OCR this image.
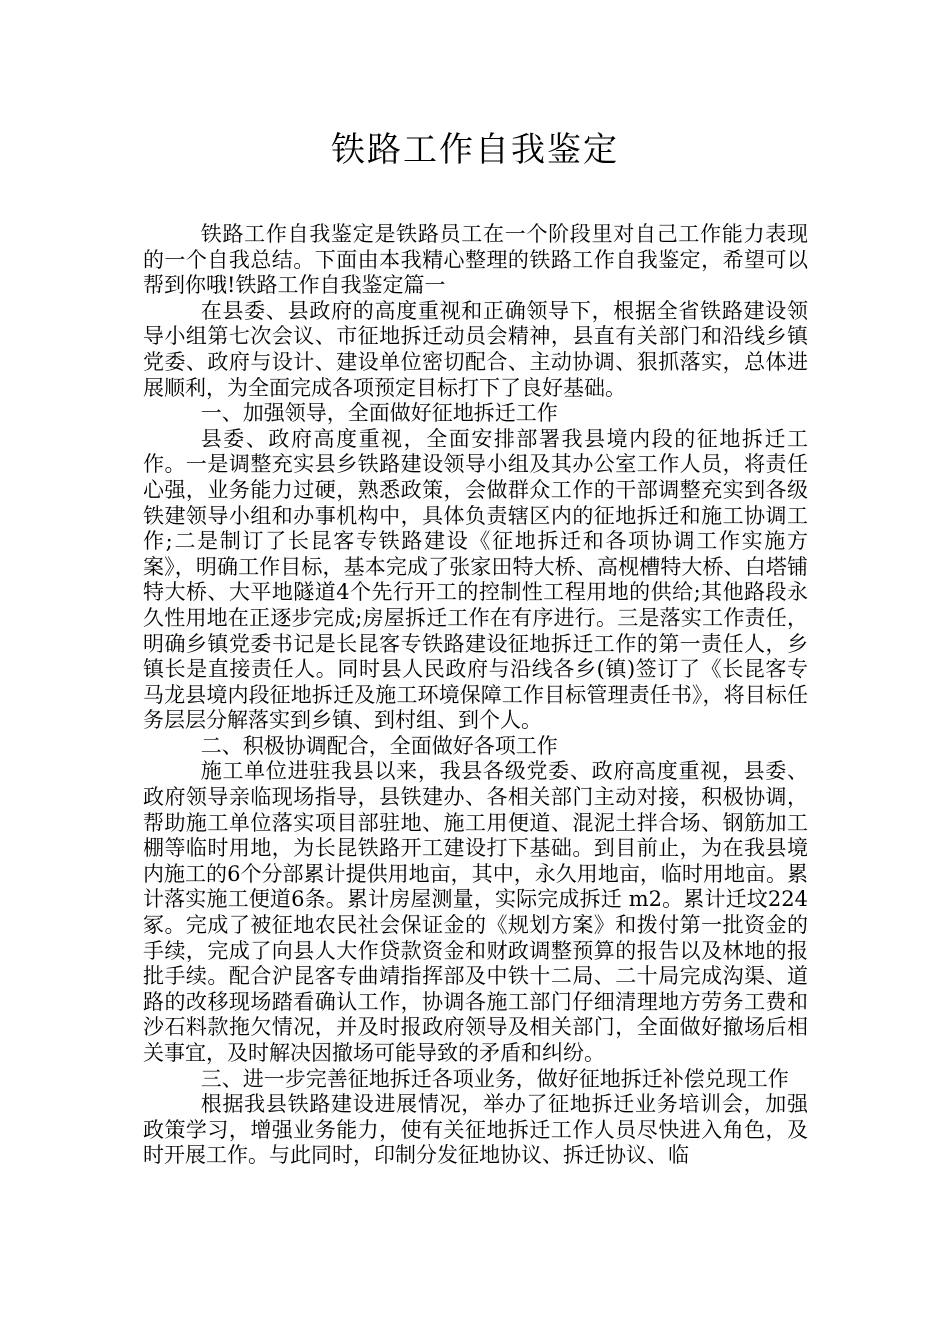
铁路工作自我鉴定

铁路工作自我鉴定是铁路员工在一个阶段里对自己工作能力表现的一个自我总结。下面由本我精心整理的铁路工作自我鉴定，希望可以帮到你哦!铁路工作自我鉴定篇一

在县委、县政府的高度重视和正确领导下，根据全省铁路建设领导小组第七次会议、市征地拆迁动员会精神，县直有关部门和沿线乡镇党委、政府与设计、建设单位密切配合、主动协调、狠抓落实，总体进展顺利，为全面完成各项预定目标打下了良好基础。

一、加强领导，全面做好征地拆迁工作

县委、政府高度重视，全面安排部署我县境内段的征地拆迁工作。一是调整充实县乡铁路建设领导小组及其办公室工作人员，将责任心强，业务能力过硬，熟悉政策，会做群众工作的干部调整充实到各级铁建领导小组和办事机构中，具体负责辖区内的征地拆迁和施工协调工作;二是制订了长昆客专铁路建设《征地拆迁和各项协调工作实施方案》，明确工作目标，基本完成了张家田特大桥、高枧槽特大桥、白塔铺特大桥、大平地隧道4个先行开工的控制性工程用地的供给;其他路段永久性用地在正逐步完成;房屋拆迁工作在有序进行。三是落实工作责任，明确乡镇党委书记是长昆客专铁路建设征地拆迁工作的第一责任人，乡镇长是直接责任人。同时县人民政府与沿线各乡(镇)签订了《长昆客专马龙县境内段征地拆迁及施工环境保障工作目标管理责任书》，将目标任务层层分解落实到乡镇、到村组、到个人。

二、积极协调配合，全面做好各项工作

施工单位进驻我县以来，我县各级党委、政府高度重视，县委、政府领导亲临现场指导，县铁建办、各相关部门主动对接，积极协调，帮助施工单位落实项目部驻地、施工用便道、混泥土拌合场、钢筋加工棚等临时用地，为长昆铁路开工建设打下基础。到目前止，为在我县境内施工的6个分部累计提供用地亩，其中，永久用地亩，临时用地亩。累计落实施工便道6条。累计房屋测量，实际完成拆迁 m2。累计迁坟224冢。完成了被征地农民社会保证金的《规划方案》和拨付第一批资金的手续，完成了向县人大作贷款资金和财政调整预算的报告以及林地的报批手续。配合沪昆客专曲靖指挥部及中铁十二局、二十局完成沟渠、道路的改移现场踏看确认工作，协调各施工部门仔细清理地方劳务工费和沙石料款拖欠情况，并及时报政府领导及相关部门，全面做好撤场后相关事宜，及时解决因撤场可能导致的矛盾和纠纷。

三、进一步完善征地拆迁各项业务，做好征地拆迁补偿兑现工作

根据我县铁路建设进展情况，举办了征地拆迁业务培训会，加强政策学习，增强业务能力，使有关征地拆迁工作人员尽快进入角色，及时开展工作。与此同时，印制分发征地协议、拆迁协议、临
